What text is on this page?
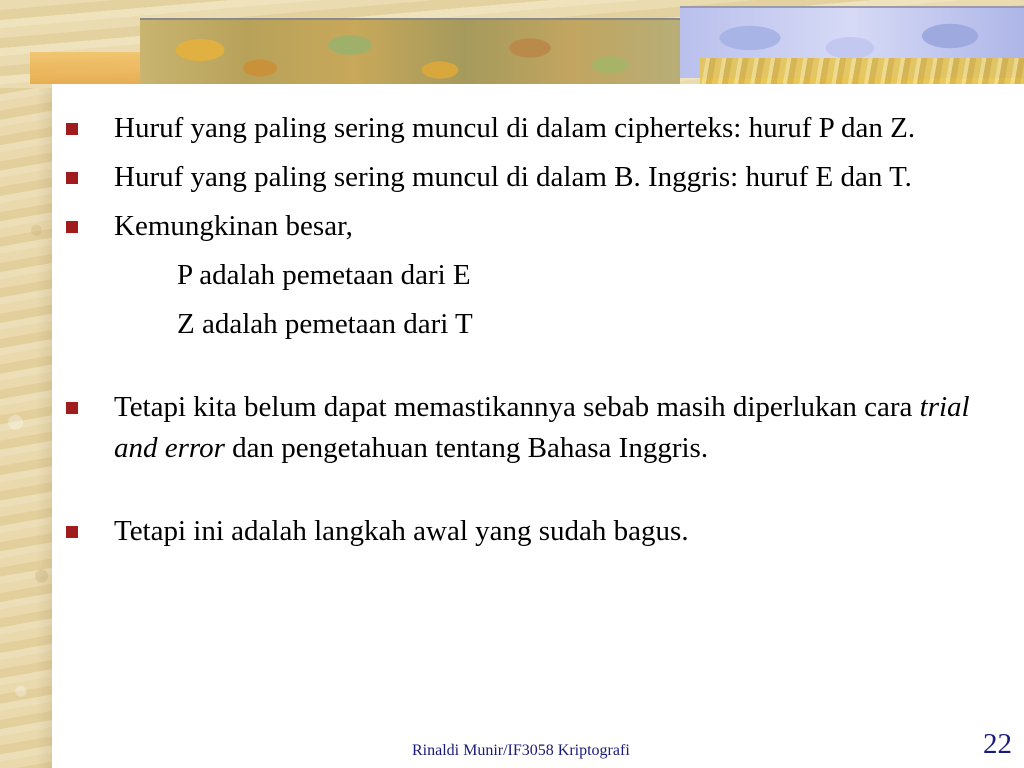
Huruf yang paling sering muncul di dalam cipherteks: huruf P dan Z.

Huruf yang paling sering muncul di dalam B. Inggris: huruf E dan T.

Kemungkinan besar,

P adalah pemetaan dari E

Z adalah pemetaan dari T

Tetapi kita belum dapat memastikannya sebab masih diperlukan cara trial and error dan pengetahuan tentang Bahasa Inggris.

Tetapi ini adalah langkah awal yang sudah bagus.

Rinaldi Munir/IF3058 Kriptografi	22
